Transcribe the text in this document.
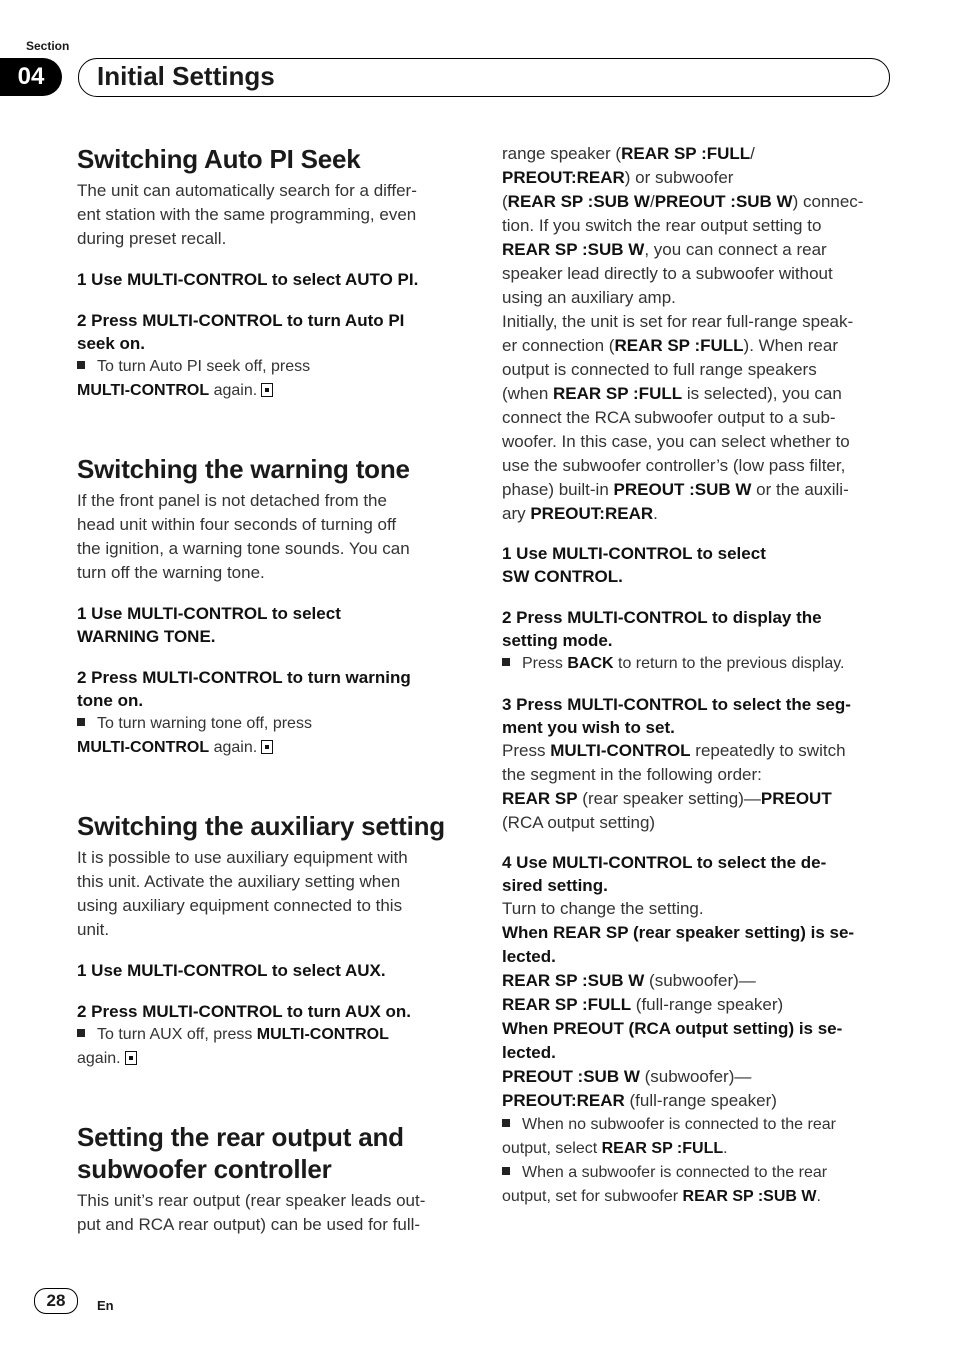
Section
04	Initial Settings
Switching Auto PI Seek

The unit can automatically search for a differ-
ent station with the same programming, even
during preset recall.

1 Use MULTI-CONTROL to select AUTO PI.
2 Press MULTI-CONTROL to turn Auto PI
seek on.
To turn Auto PI seek off, press
MULTI-CONTROL again.
Switching the warning tone

If the front panel is not detached from the
head unit within four seconds of turning off
the ignition, a warning tone sounds. You can
turn off the warning tone.

1 Use MULTI-CONTROL to select
WARNING TONE.
2 Press MULTI-CONTROL to turn warning
tone on.
To turn warning tone off, press
MULTI-CONTROL again.
Switching the auxiliary setting

It is possible to use auxiliary equipment with
this unit. Activate the auxiliary setting when
using auxiliary equipment connected to this
unit.

1 Use MULTI-CONTROL to select AUX.
2 Press MULTI-CONTROL to turn AUX on.
To turn AUX off, press MULTI-CONTROL
again.
Setting the rear output and
subwoofer controller

This unit’s rear output (rear speaker leads out-
put and RCA rear output) can be used for full-

range speaker (REAR SP :FULL/
PREOUT:REAR) or subwoofer
(REAR SP :SUB W/PREOUT :SUB W) connec-
tion. If you switch the rear output setting to
REAR SP :SUB W, you can connect a rear
speaker lead directly to a subwoofer without
using an auxiliary amp.
Initially, the unit is set for rear full-range speak-
er connection (REAR SP :FULL). When rear
output is connected to full range speakers
(when REAR SP :FULL is selected), you can
connect the RCA subwoofer output to a sub-
woofer. In this case, you can select whether to
use the subwoofer controller’s (low pass filter,
phase) built-in PREOUT :SUB W or the auxili-
ary PREOUT:REAR.

1 Use MULTI-CONTROL to select
SW CONTROL.
2 Press MULTI-CONTROL to display the
setting mode.
Press BACK to return to the previous display.
3 Press MULTI-CONTROL to select the seg-
ment you wish to set.

Press MULTI-CONTROL repeatedly to switch
the segment in the following order:
REAR SP (rear speaker setting)—PREOUT
(RCA output setting)

4 Use MULTI-CONTROL to select the de-
sired setting.

Turn to change the setting.
When REAR SP (rear speaker setting) is se-
lected.
REAR SP :SUB W (subwoofer)—
REAR SP :FULL (full-range speaker)
When PREOUT (RCA output setting) is se-
lected.
PREOUT :SUB W (subwoofer)—
PREOUT:REAR (full-range speaker)

When no subwoofer is connected to the rear
output, select REAR SP :FULL.
When a subwoofer is connected to the rear
output, set for subwoofer REAR SP :SUB W.
28	En
